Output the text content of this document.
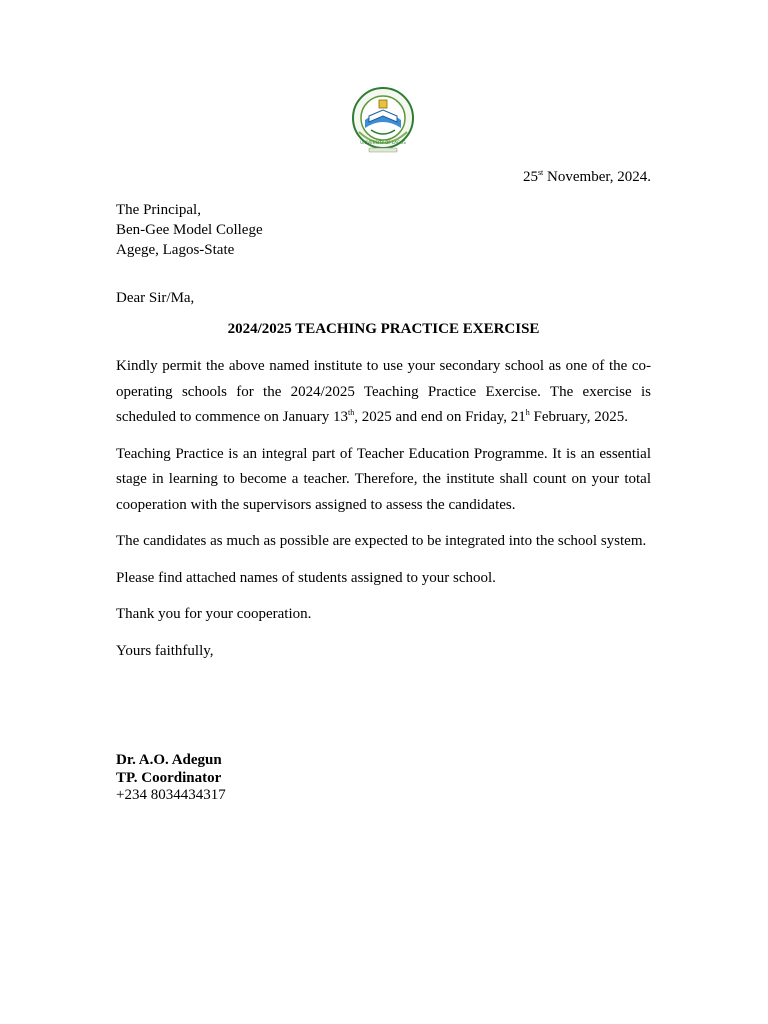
UNIVERSITY OF LAGOS
25st November, 2024.
The Principal,
Ben-Gee Model College
Agege, Lagos-State
Dear Sir/Ma,
2024/2025 TEACHING PRACTICE EXERCISE

Kindly permit the above named institute to use your secondary school as one of the co-operating schools for the 2024/2025 Teaching Practice Exercise. The exercise is scheduled to commence on January 13th, 2025 and end on Friday, 21$^h$ February, 2025.

Teaching Practice is an integral part of Teacher Education Programme. It is an essential stage in learning to become a teacher. Therefore, the institute shall count on your total cooperation with the supervisors assigned to assess the candidates.

The candidates as much as possible are expected to be integrated into the school system.

Please find attached names of students assigned to your school.

Thank you for your cooperation.

Yours faithfully,

Dr. A.O. Adegun
TP. Coordinator
+234 8034434317
